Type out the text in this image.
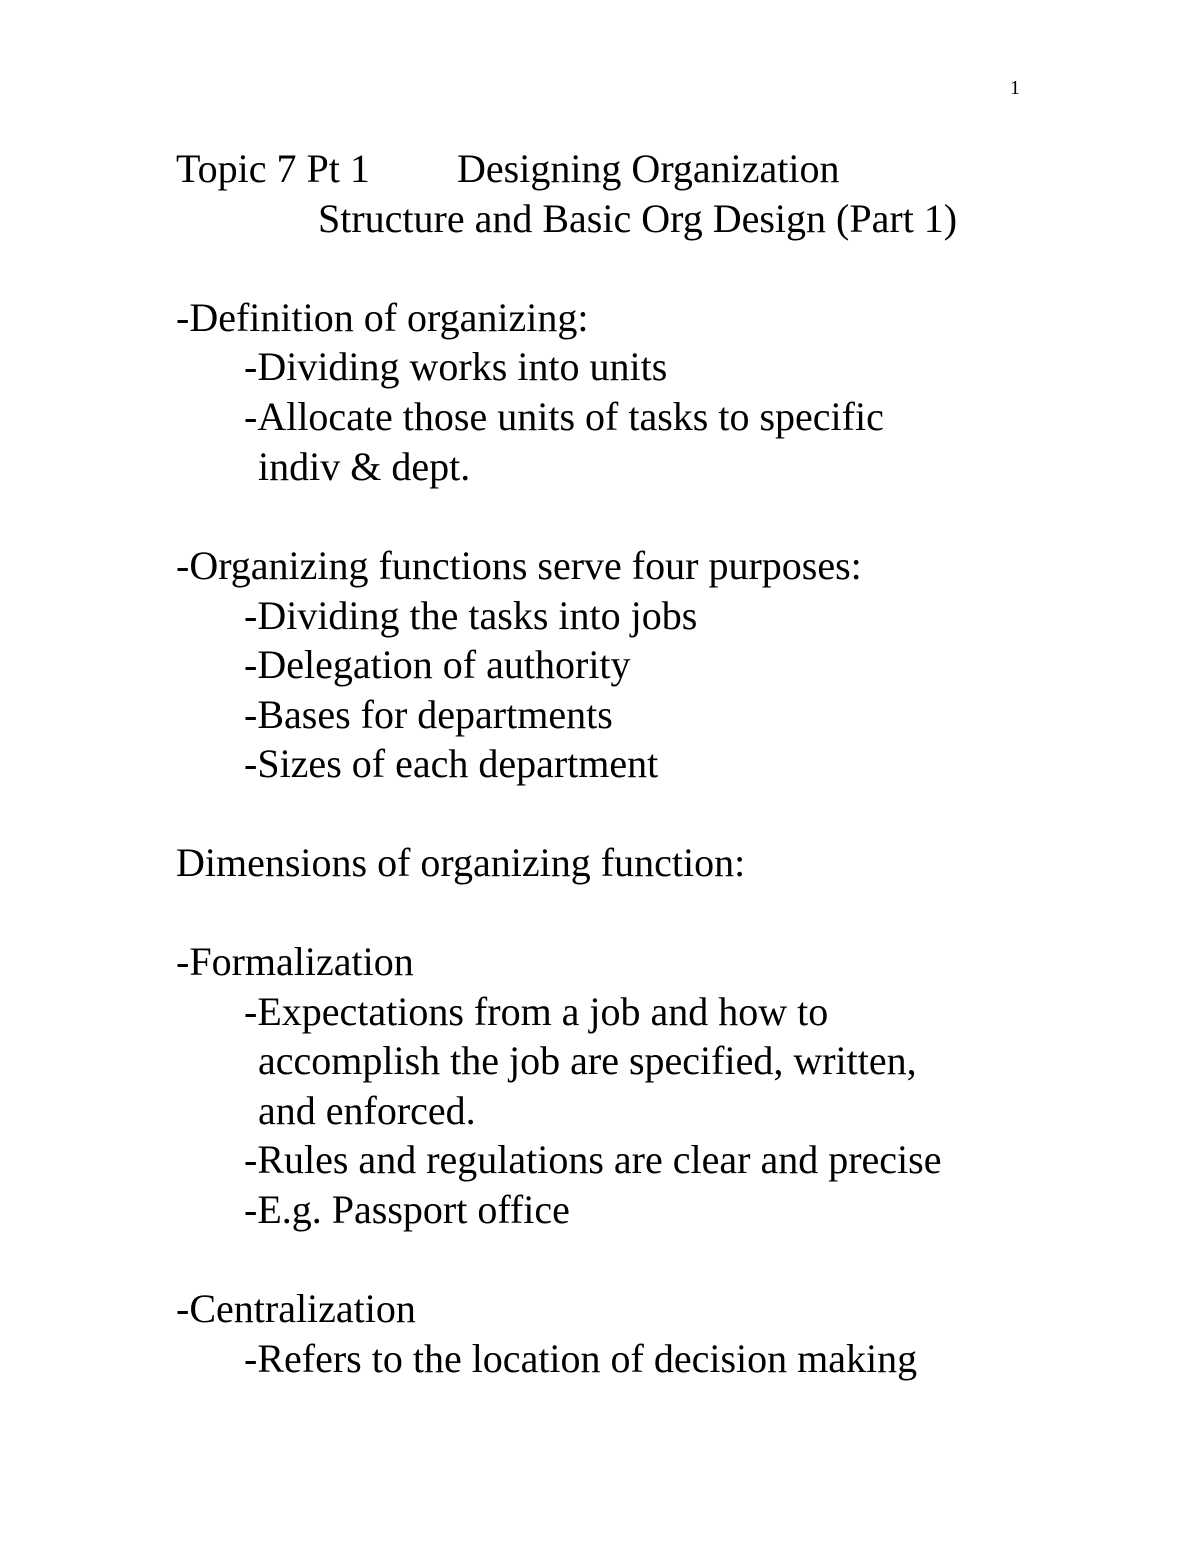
1
Topic 7 Pt 1 Designing Organization
Structure and Basic Org Design (Part 1)
-Definition of organizing:
-Dividing works into units
-Allocate those units of tasks to specific
indiv & dept.
-Organizing functions serve four purposes:
-Dividing the tasks into jobs
-Delegation of authority
-Bases for departments
-Sizes of each department
Dimensions of organizing function:
-Formalization
-Expectations from a job and how to
accomplish the job are specified, written,
and enforced.
-Rules and regulations are clear and precise
-E.g. Passport office
-Centralization
-Refers to the location of decision making
